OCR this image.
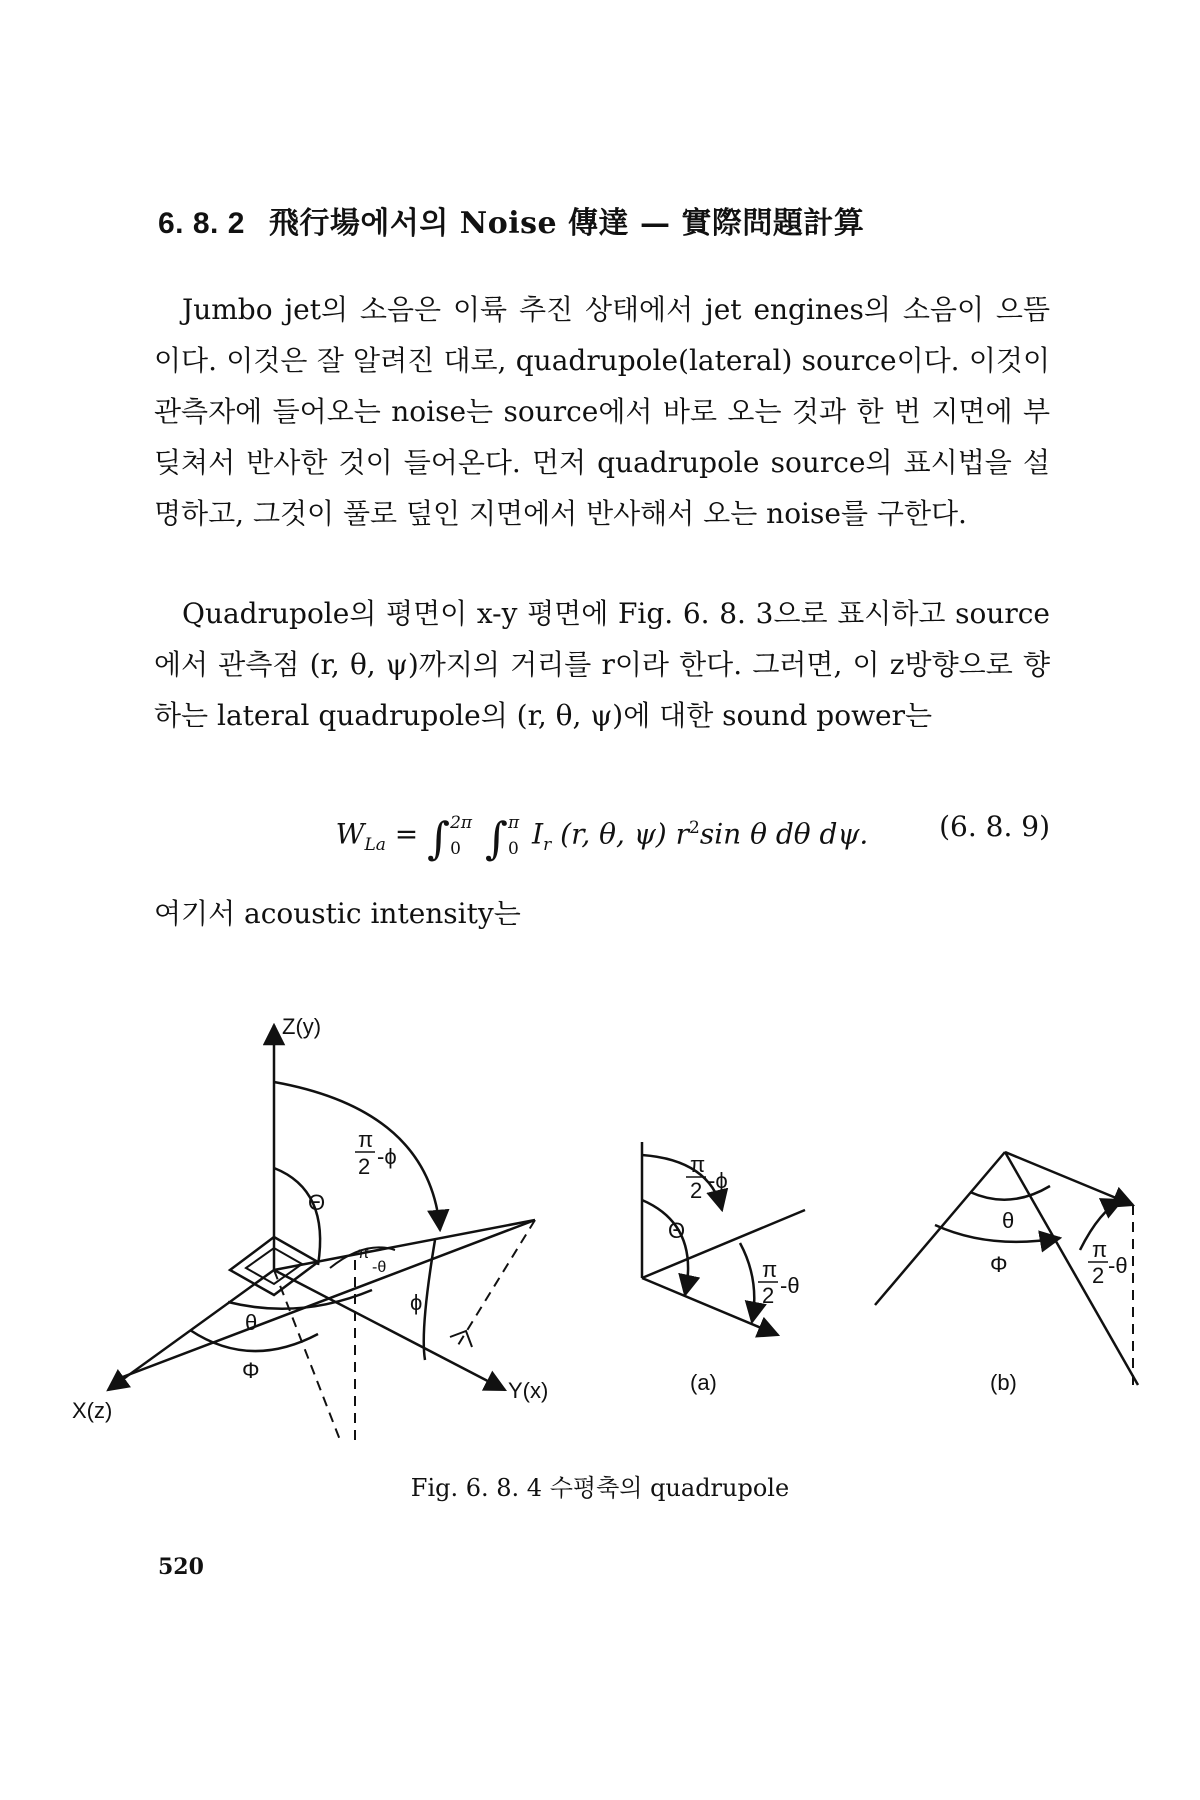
6. 8. 2 飛行場에서의 Noise 傳達 — 實際問題計算
Jumbo jet의 소음은 이륙 추진 상태에서 jet engines의 소음이 으뜸이다. 이것은 잘 알려진 대로, quadrupole(lateral) source이다. 이것이 관측자에 들어오는 noise는 source에서 바로 오는 것과 한 번 지면에 부딪쳐서 반사한 것이 들어온다. 먼저 quadrupole source의 표시법을 설명하고, 그것이 풀로 덮인 지면에서 반사해서 오는 noise를 구한다.
Quadrupole의 평면이 x-y 평면에 Fig. 6. 8. 3으로 표시하고 source에서 관측점 (r, θ, ψ)까지의 거리를 r이라 한다. 그러면, 이 z방향으로 향하는 lateral quadrupole의 (r, θ, ψ)에 대한 sound power는
$W_{La}$ = ∫ 2π
0 ∫ π
0 $I_r$ (r, θ, ψ) $r^2\sin$ θ dθ dψ.	(6. 8. 9)
여기서 acoustic intensity는
Z(y)
X(z)
Y(x)
Θ
π
2 -ϕ
ϕ
θ
Φ
π
-θ
π
2 -ϕ
Θ
π
2 -θ
(a)
θ
Φ
π
2 -θ
(b)
Fig. 6. 8. 4 수평축의 quadrupole
520
